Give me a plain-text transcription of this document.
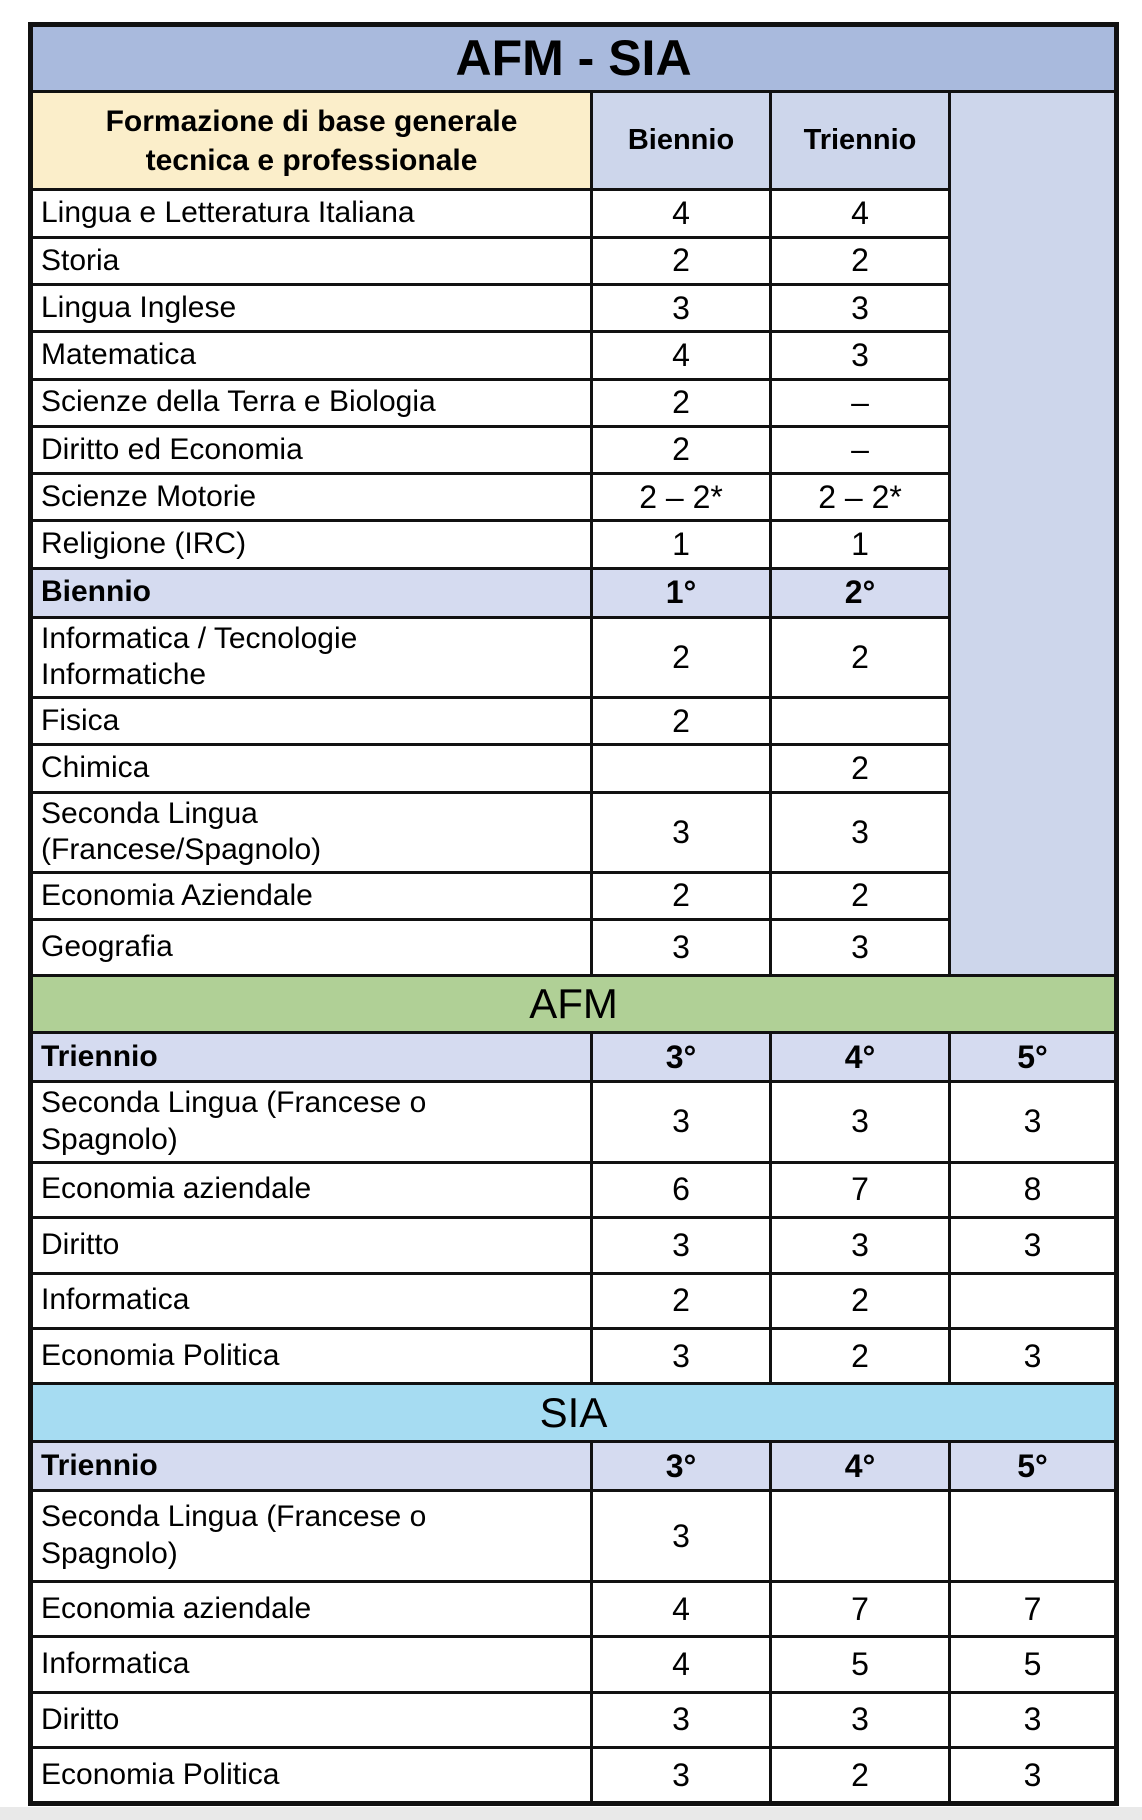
AFM - SIA			

Formazione di base generale
tecnica e professionale	Biennio	Triennio	
Lingua e Letteratura Italiana	4	4	
Storia	2	2	
Lingua Inglese	3	3	
Matematica	4	3	
Scienze della Terra e Biologia	2	–	
Diritto ed Economia	2	–	
Scienze Motorie	2 – 2*	2 – 2*	
Religione (IRC)	1	1	
Biennio	1°	2°	

Informatica / Tecnologie
Informatiche	2	2	
Fisica	2		
Chimica		2	

Seconda Lingua
(Francese/Spagnolo)	3	3	
Economia Aziendale	2	2	
Geografia	3	3	
AFM			
Triennio	3°	4°	5°

Seconda Lingua (Francese o
Spagnolo)	3	3	3
Economia aziendale	6	7	8
Diritto	3	3	3
Informatica	2	2	
Economia Politica	3	2	3
SIA			
Triennio	3°	4°	5°

Seconda Lingua (Francese o
Spagnolo)	3		
Economia aziendale	4	7	7
Informatica	4	5	5
Diritto	3	3	3
Economia Politica	3	2	3
